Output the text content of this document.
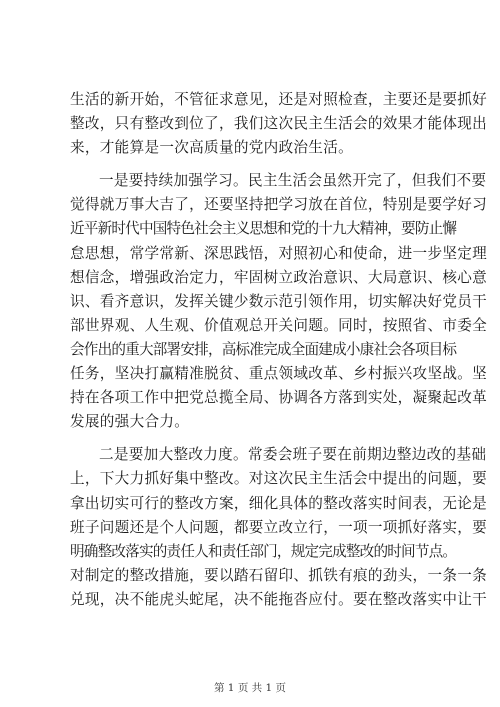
生活的新开始，不管征求意见，还是对照检查，主要还是要抓好
整改，只有整改到位了，我们这次民主生活会的效果才能体现出
来，才能算是一次高质量的党内政治生活。
一是要持续加强学习。民主生活会虽然开完了，但我们不要
觉得就万事大吉了，还要坚持把学习放在首位，特别是要学好习
近平新时代中国特色社会主义思想和党的十九大精神，要防止懈
怠思想，常学常新、深思践悟，对照初心和使命，进一步坚定理
想信念，增强政治定力，牢固树立政治意识、大局意识、核心意
识、看齐意识，发挥关键少数示范引领作用，切实解决好党员干
部世界观、人生观、价值观总开关问题。同时，按照省、市委全
会作出的重大部署安排，高标准完成全面建成小康社会各项目标
任务，坚决打赢精准脱贫、重点领域改革、乡村振兴攻坚战。坚
持在各项工作中把党总揽全局、协调各方落到实处，凝聚起改革
发展的强大合力。
二是要加大整改力度。常委会班子要在前期边整边改的基础
上，下大力抓好集中整改。对这次民主生活会中提出的问题，要
拿出切实可行的整改方案，细化具体的整改落实时间表，无论是
班子问题还是个人问题，都要立改立行，一项一项抓好落实，要
明确整改落实的责任人和责任部门，规定完成整改的时间节点。
对制定的整改措施，要以踏石留印、抓铁有痕的劲头，一条一条
兑现，决不能虎头蛇尾，决不能拖沓应付。要在整改落实中让干
第 1 页 共 1 页
